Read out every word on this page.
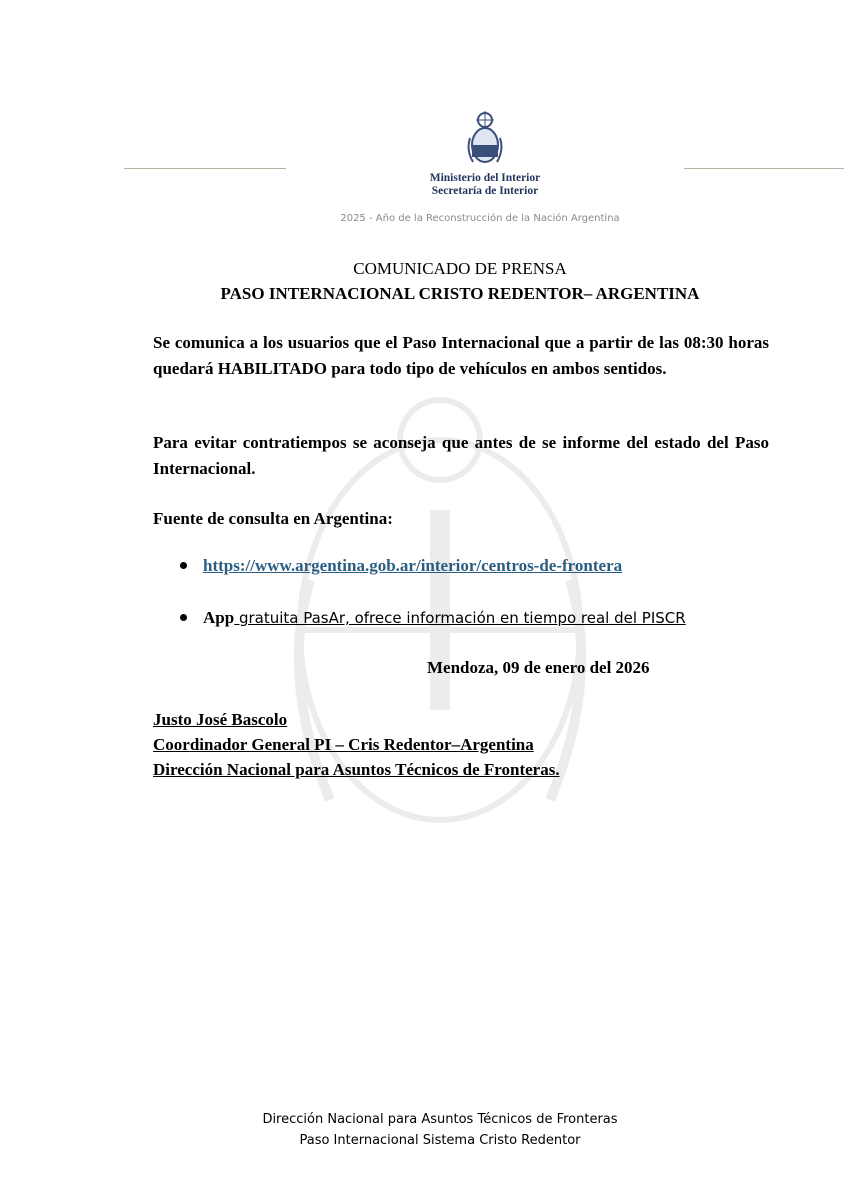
Ministerio del Interior
Secretaría de Interior
2025 - Año de la Reconstrucción de la Nación Argentina
COMUNICADO DE PRENSA
PASO INTERNACIONAL CRISTO REDENTOR– ARGENTINA
Se comunica a los usuarios que el Paso Internacional que a partir de las 08:30 horas quedará HABILITADO para todo tipo de vehículos en ambos sentidos.
Para evitar contratiempos se aconseja que antes de se informe del estado del Paso Internacional.
Fuente de consulta en Argentina:
https://www.argentina.gob.ar/interior/centros-de-frontera
App gratuita PasAr, ofrece información en tiempo real del PISCR
Mendoza, 09 de enero del 2026
Justo José Bascolo
Coordinador General PI – Cris Redentor–Argentina
Dirección Nacional para Asuntos Técnicos de Fronteras.
Dirección Nacional para Asuntos Técnicos de Fronteras
Paso Internacional Sistema Cristo Redentor
